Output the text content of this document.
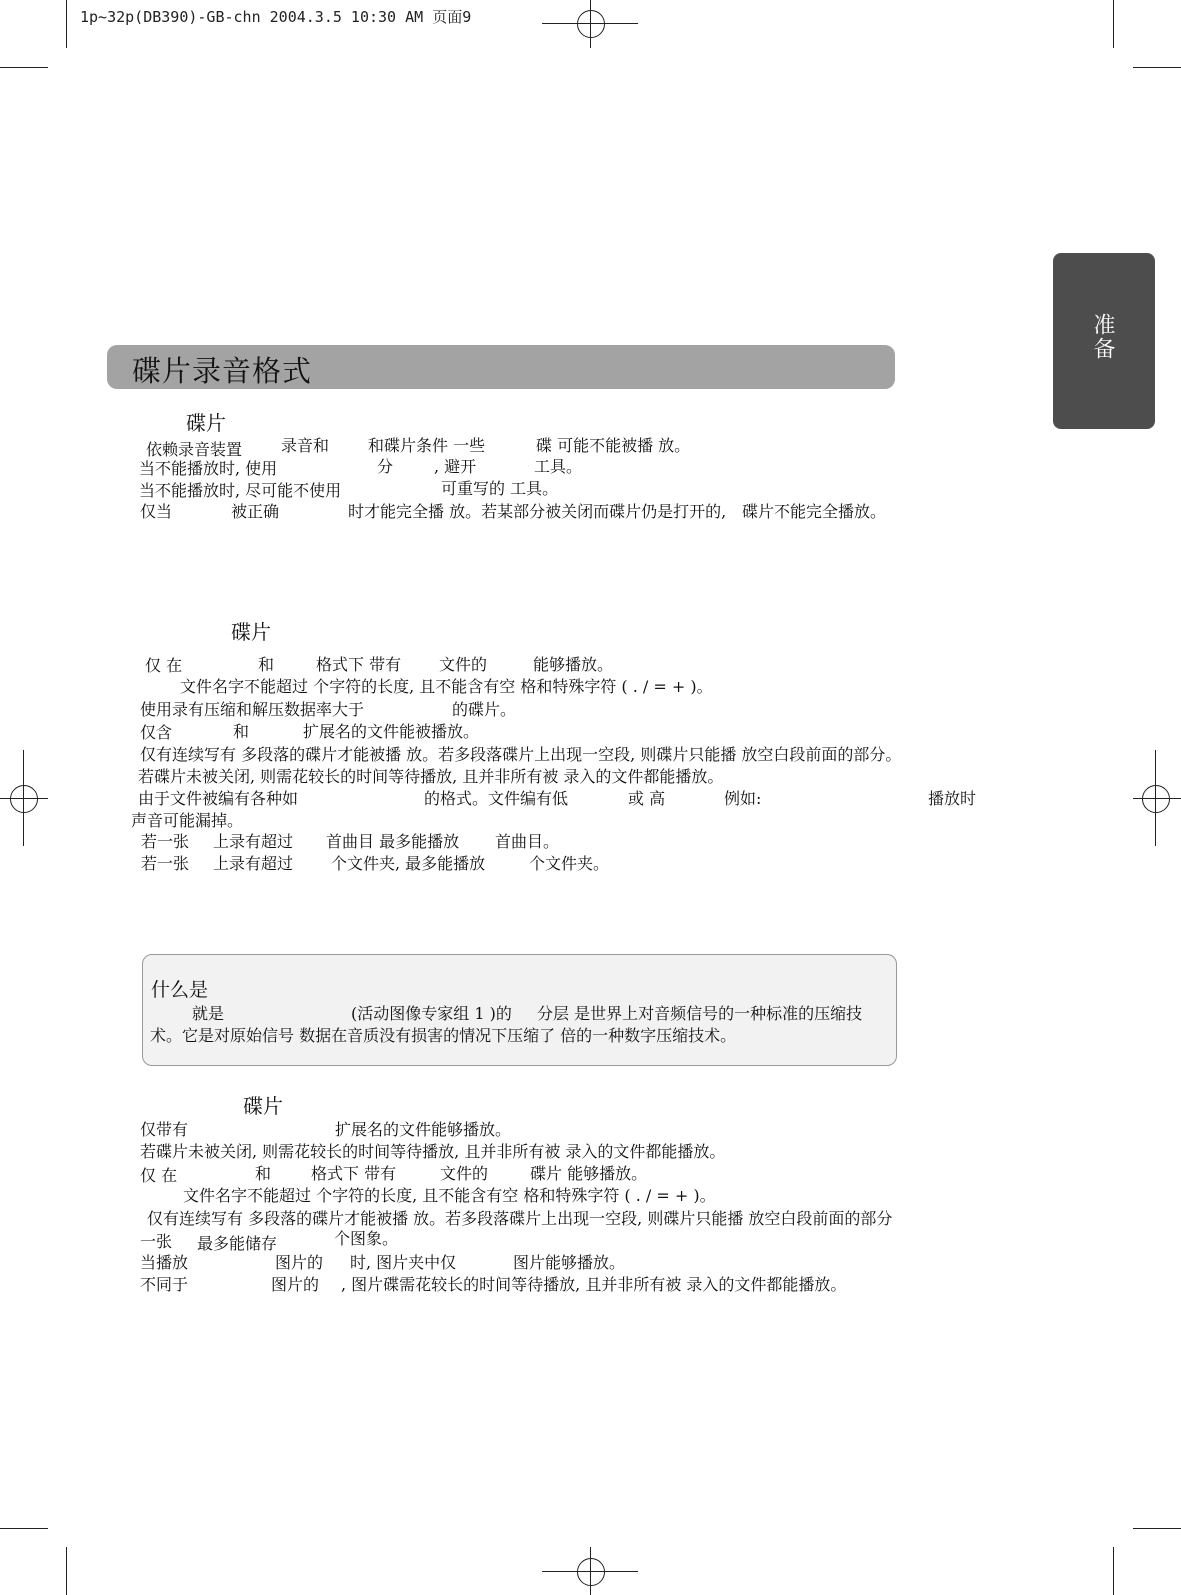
1p~32p(DB390)-GB-chn 2004.3.5 10:30 AM 页面9
准备
碟片录音格式
碟片
依赖录音装置 录音和 和碟片条件 一些	碟 可能不能被播 放。
当不能播放时, 使用	分	, 避开	工具。
当不能播放时, 尽可能不使用	可重写的 工具。
仅当	被正确	时才能完全播 放。若某部分被关闭而碟片仍是打开的, 碟片不能完全播放。
碟片
仅 在	和	格式下 带有 文件的	能够播放。
文件名字不能超过 个字符的长度, 且不能含有空 格和特殊字符 ( . / = + )。
使用录有压缩和解压数据率大于	的碟片。
仅含	和	扩展名的文件能被播放。
仅有连续写有 多段落的碟片才能被播 放。若多段落碟片上出现一空段, 则碟片只能播 放空白段前面的部分。
若碟片未被关闭, 则需花较长的时间等待播放, 且并非所有被 录入的文件都能播放。
由于文件被编有各种如	的格式。文件编有低	或 高	例如:	播放时
声音可能漏掉。
若一张 上录有超过 首曲目 最多能播放 首曲目。
若一张 上录有超过 个文件夹, 最多能播放	个文件夹。
什么是
就是	(活动图像专家组 1 )的 分层 是世界上对音频信号的一种标准的压缩技
术。它是对原始信号 数据在音质没有损害的情况下压缩了 倍的一种数字压缩技术。
碟片
仅带有	扩展名的文件能够播放。
若碟片未被关闭, 则需花较长的时间等待播放, 且并非所有被 录入的文件都能播放。
仅 在	和 格式下 带有	文件的	碟片 能够播放。
文件名字不能超过 个字符的长度, 且不能含有空 格和特殊字符 ( . / = + )。
仅有连续写有 多段落的碟片才能被播 放。若多段落碟片上出现一空段, 则碟片只能播 放空白段前面的部分
一张 最多能储存	个图象。
当播放	图片的 时, 图片夹中仅	图片能够播放。
不同于	图片的 , 图片碟需花较长的时间等待播放, 且并非所有被 录入的文件都能播放。
